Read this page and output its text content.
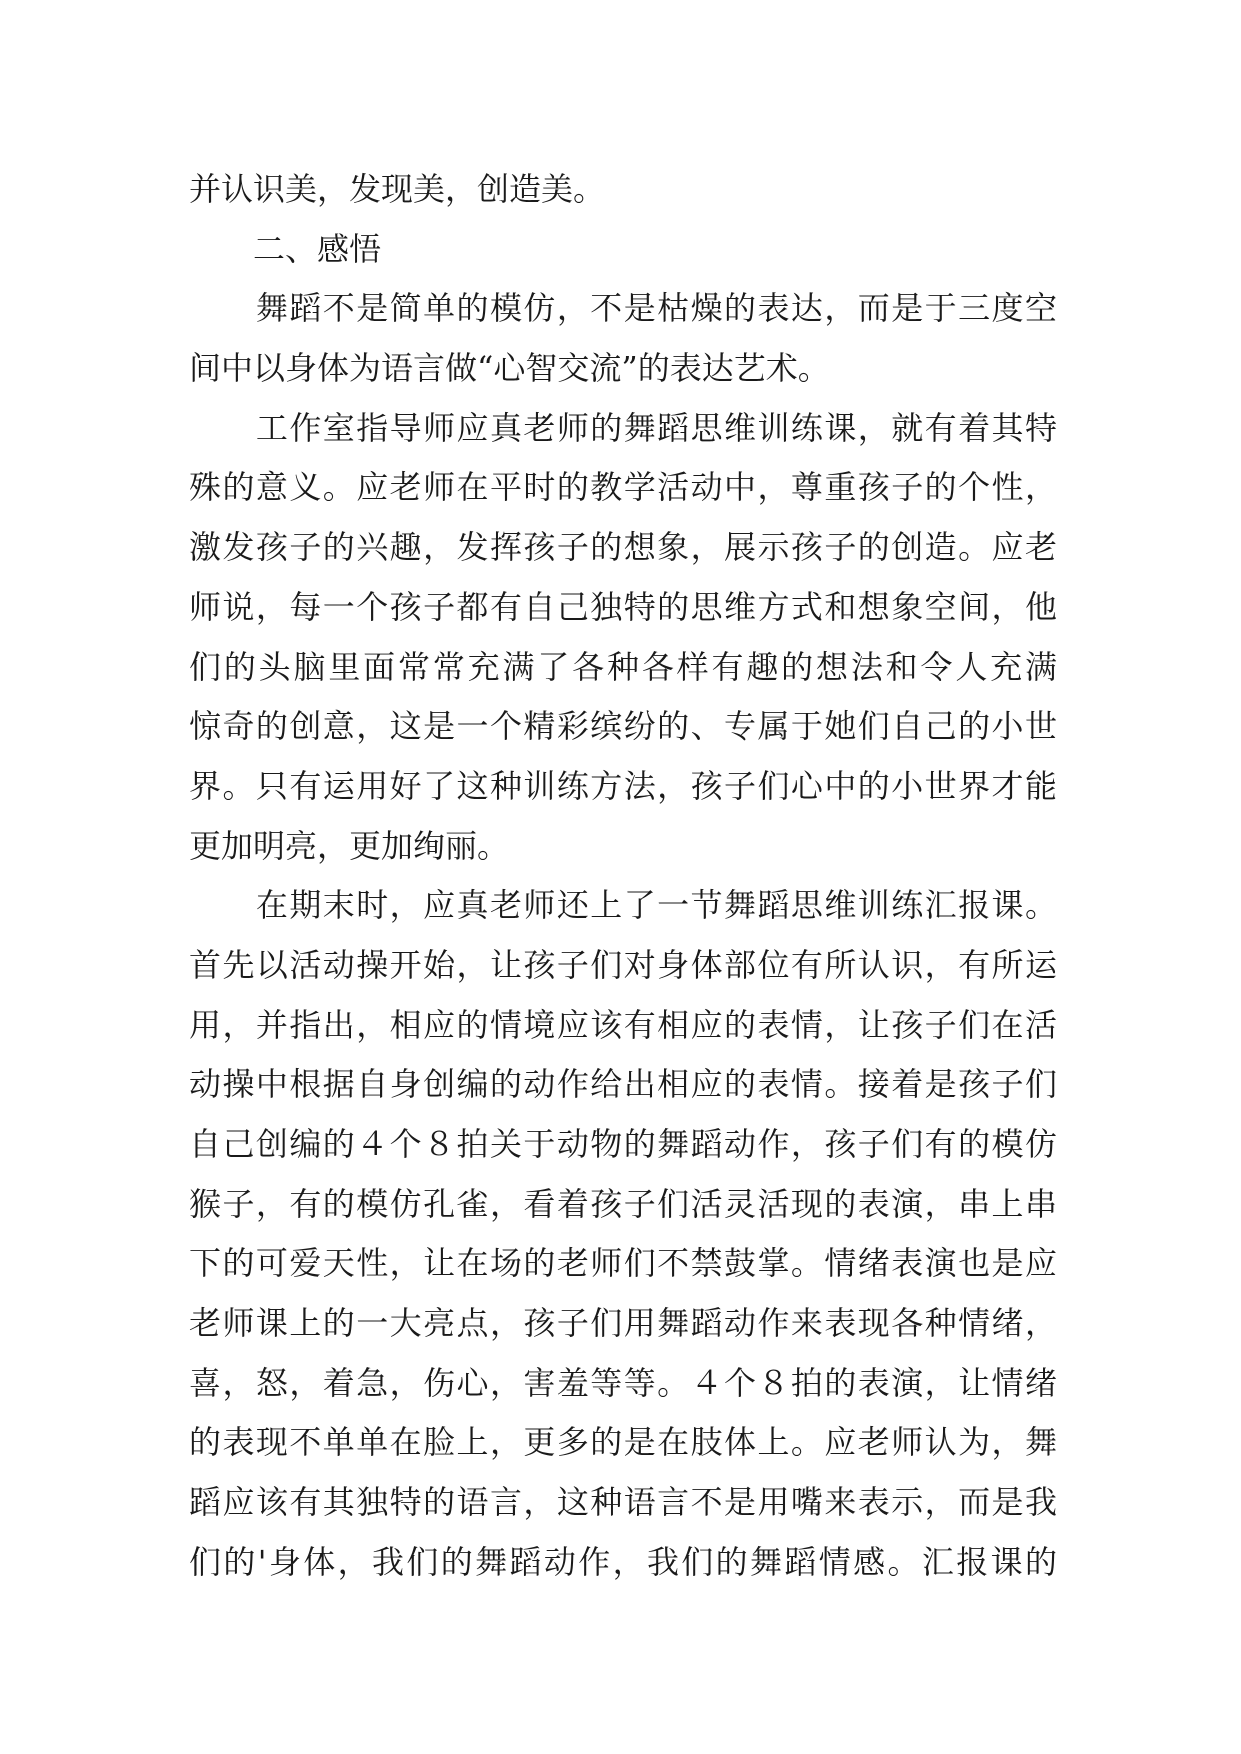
并认识美，发现美，创造美。
　　二、感悟
　　舞蹈不是简单的模仿，不是枯燥的表达，而是于三度空
间中以身体为语言做“心智交流”的表达艺术。
　　工作室指导师应真老师的舞蹈思维训练课，就有着其特
殊的意义。应老师在平时的教学活动中，尊重孩子的个性，
激发孩子的兴趣，发挥孩子的想象，展示孩子的创造。应老
师说，每一个孩子都有自己独特的思维方式和想象空间，他
们的头脑里面常常充满了各种各样有趣的想法和令人充满
惊奇的创意，这是一个精彩缤纷的、专属于她们自己的小世
界。只有运用好了这种训练方法，孩子们心中的小世界才能
更加明亮，更加绚丽。
　　在期末时，应真老师还上了一节舞蹈思维训练汇报课。
首先以活动操开始，让孩子们对身体部位有所认识，有所运
用，并指出，相应的情境应该有相应的表情，让孩子们在活
动操中根据自身创编的动作给出相应的表情。接着是孩子们
自己创编的４个８拍关于动物的舞蹈动作，孩子们有的模仿
猴子，有的模仿孔雀，看着孩子们活灵活现的表演，串上串
下的可爱天性，让在场的老师们不禁鼓掌。情绪表演也是应
老师课上的一大亮点，孩子们用舞蹈动作来表现各种情绪，
喜，怒，着急，伤心，害羞等等。４个８拍的表演，让情绪
的表现不单单在脸上，更多的是在肢体上。应老师认为，舞
蹈应该有其独特的语言，这种语言不是用嘴来表示，而是我
们的'身体，我们的舞蹈动作，我们的舞蹈情感。汇报课的
